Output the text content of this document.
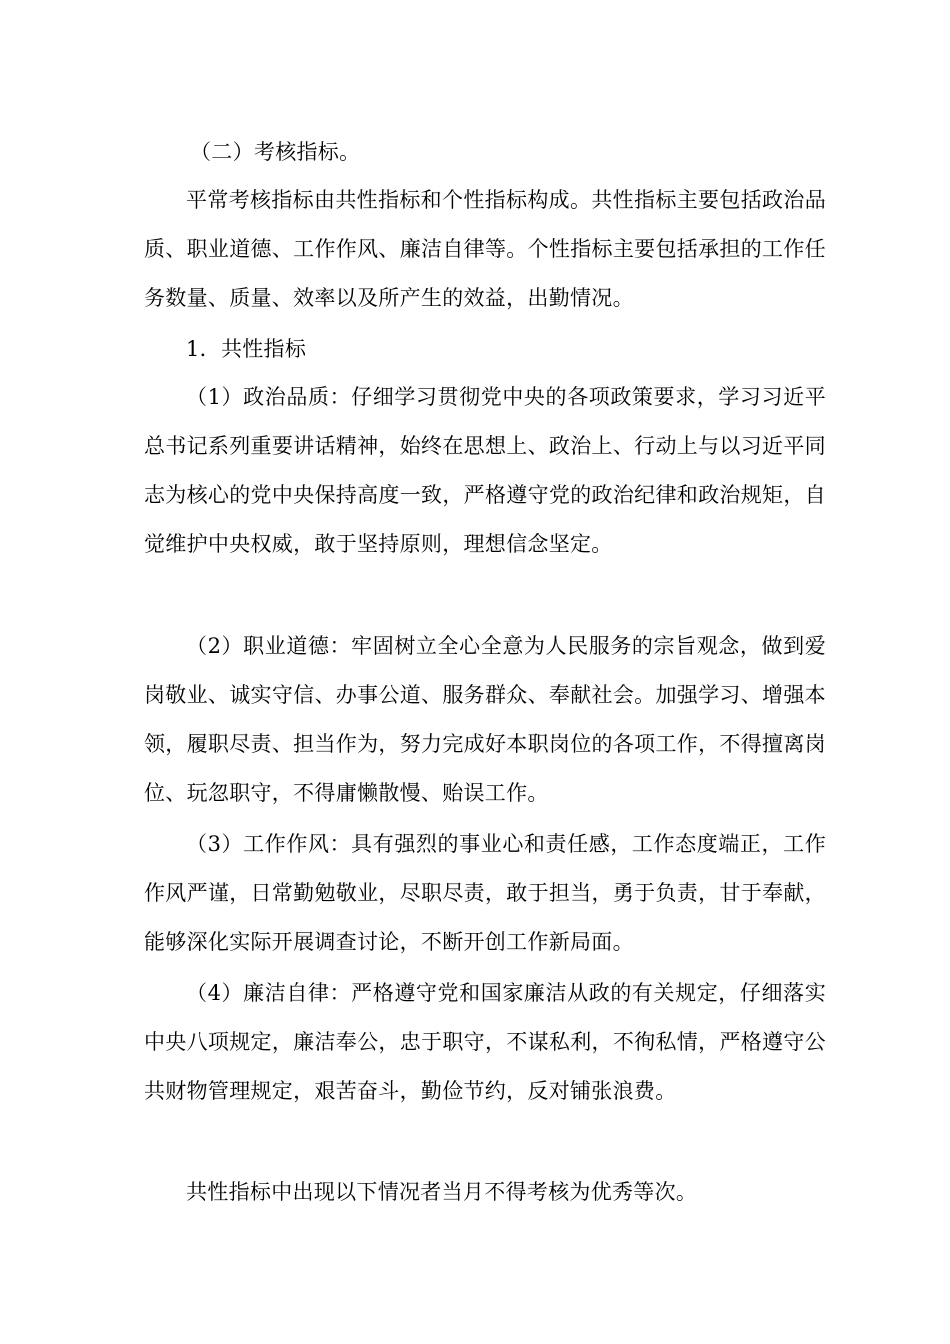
（二）考核指标。

平常考核指标由共性指标和个性指标构成。共性指标主要包括政治品质、职业道德、工作作风、廉洁自律等。个性指标主要包括承担的工作任务数量、质量、效率以及所产生的效益，出勤情况。

1．共性指标

（1）政治品质：仔细学习贯彻党中央的各项政策要求，学习习近平总书记系列重要讲话精神，始终在思想上、政治上、行动上与以习近平同志为核心的党中央保持高度一致，严格遵守党的政治纪律和政治规矩，自觉维护中央权威，敢于坚持原则，理想信念坚定。

（2）职业道德：牢固树立全心全意为人民服务的宗旨观念，做到爱岗敬业、诚实守信、办事公道、服务群众、奉献社会。加强学习、增强本领，履职尽责、担当作为，努力完成好本职岗位的各项工作，不得擅离岗位、玩忽职守，不得庸懒散慢、贻误工作。

（3）工作作风：具有强烈的事业心和责任感，工作态度端正，工作作风严谨，日常勤勉敬业，尽职尽责，敢于担当，勇于负责，甘于奉献，能够深化实际开展调查讨论，不断开创工作新局面。

（4）廉洁自律：严格遵守党和国家廉洁从政的有关规定，仔细落实中央八项规定，廉洁奉公，忠于职守，不谋私利，不徇私情，严格遵守公共财物管理规定，艰苦奋斗，勤俭节约，反对铺张浪费。

共性指标中出现以下情况者当月不得考核为优秀等次。
